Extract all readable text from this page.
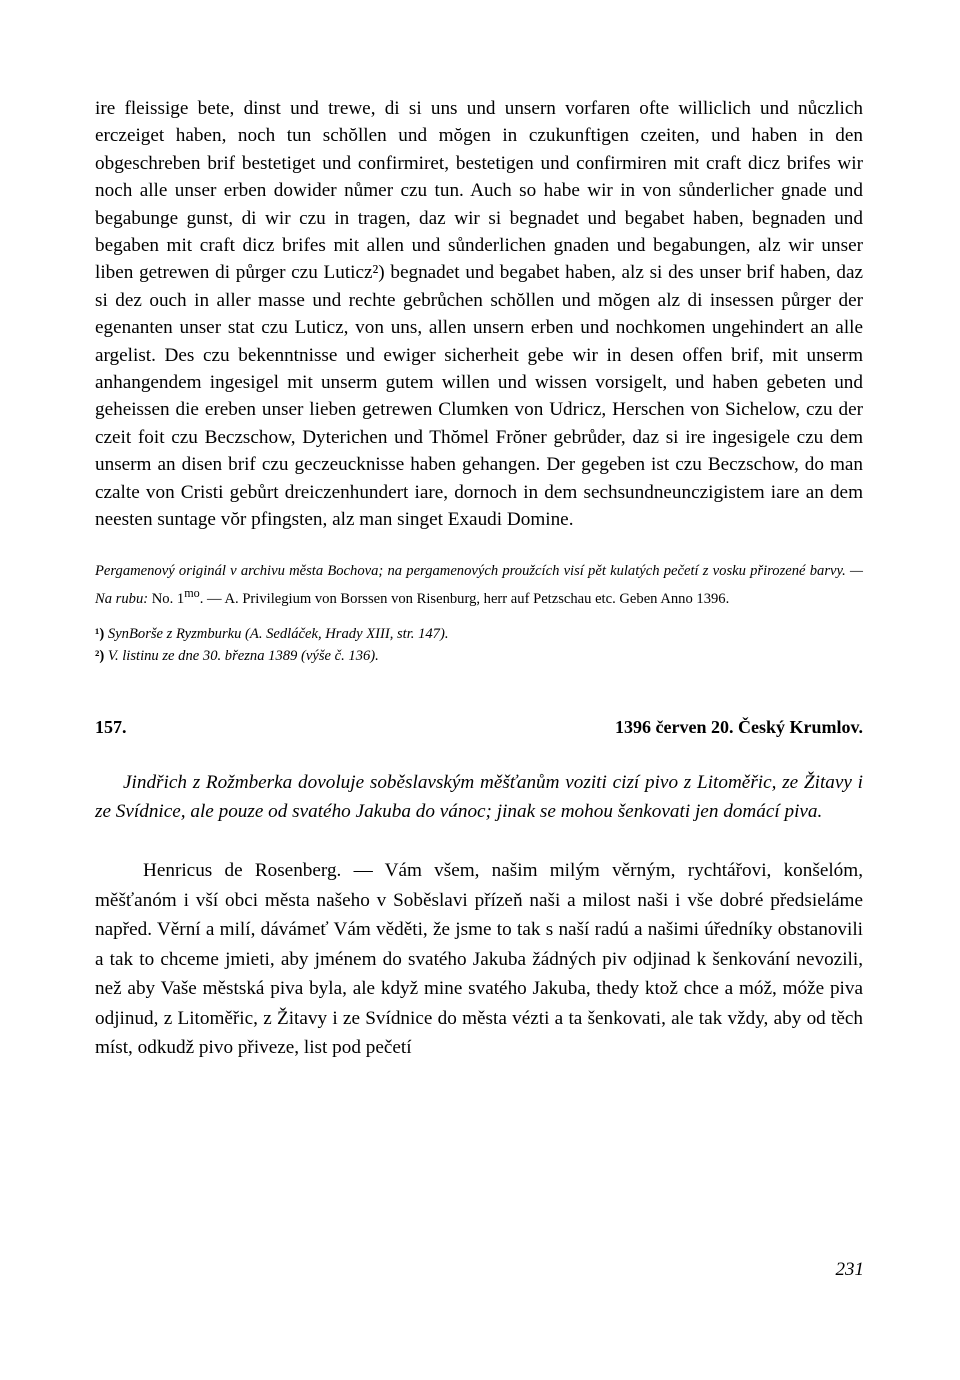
ire fleissige bete, dinst und trewe, di si uns und unsern vorfaren ofte williclich und nůczlich erczeiget haben, noch tun schŏllen und mŏgen in czukunftigen czeiten, und haben in den obgeschreben brif bestetiget und confirmiret, bestetigen und confirmiren mit craft dicz brifes wir noch alle unser erben dowider nůmer czu tun. Auch so habe wir in von sůnderlicher gnade und begabunge gunst, di wir czu in tragen, daz wir si begnadet und begabet haben, begnaden und begaben mit craft dicz brifes mit allen und sůnderlichen gnaden und begabungen, alz wir unser liben getrewen di půrger czu Luticz²) begnadet und begabet haben, alz si des unser brif haben, daz si dez ouch in aller masse und rechte gebrůchen schŏllen und mŏgen alz di insessen půrger der egenanten unser stat czu Luticz, von uns, allen unsern erben und nochkomen ungehindert an alle argelist. Des czu bekenntnisse und ewiger sicherheit gebe wir in desen offen brif, mit unserm anhangendem ingesigel mit unserm gutem willen und wissen vorsigelt, und haben gebeten und geheissen die ereben unser lieben getrewen Clumken von Udricz, Herschen von Sichelow, czu der czeit foit czu Beczschow, Dyterichen und Thŏmel Frŏner gebrůder, daz si ire ingesigele czu dem unserm an disen brif czu geczeucknisse haben gehangen. Der gegeben ist czu Beczschow, do man czalte von Cristi gebůrt dreiczenhundert iare, dornoch in dem sechsundneunczigistem iare an dem neesten suntage vŏr pfingsten, alz man singet Exaudi Domine.

Pergamenový originál v archivu města Bochova; na pergamenových proužcích visí pět kulatých pečetí z vosku přirozené barvy. — Na rubu: No. $1^{mo}$. — A. Privilegium von Borssen von Risenburg, herr auf Petzschau etc. Geben Anno 1396.

¹) SynBorše z Ryzmburku (A. Sedláček, Hrady XIII, str. 147).

²) V. listinu ze dne 30. března 1389 (výše č. 136).

157.	1396 červen 20. Český Krumlov.

Jindřich z Rožmberka dovoluje soběslavským měšťanům voziti cizí pivo z Litoměřic, ze Žitavy i ze Svídnice, ale pouze od svatého Jakuba do vánoc; jinak se mohou šenkovati jen domácí piva.

Henricus de Rosenberg. — Vám všem, našim milým věrným, rychtářovi, konšelóm, měšťanóm i vší obci města našeho v Soběslavi přízeň naši a milost naši i vše dobré předsieláme napřed. Věrní a milí, dávámeť Vám věděti, že jsme to tak s naší radú a našimi úředníky obstanovili a tak to chceme jmieti, aby jménem do svatého Jakuba žádných piv odjinad k šenkování nevozili, než aby Vaše městská piva byla, ale když mine svatého Jakuba, thedy ktož chce a móž, móže piva odjinud, z Litoměřic, z Žitavy i ze Svídnice do města vézti a ta šenkovati, ale tak vždy, aby od těch míst, odkudž pivo přiveze, list pod pečetí

231
